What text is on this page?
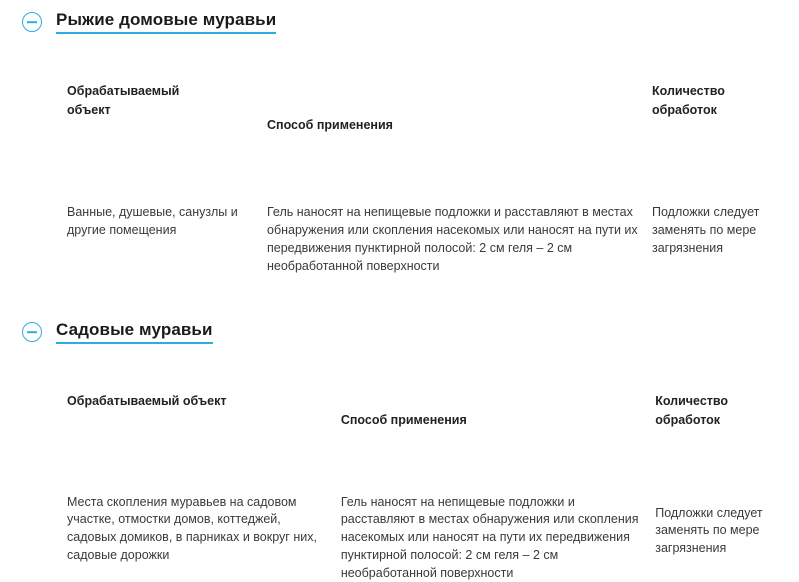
Рыжие домовые муравьи
Обрабатываемый
объект	Способ применения	Количество
обработок
Ванные, душевые, санузлы и другие помещения	Гель наносят на непищевые подложки и расставляют в местах обнаружения или скопления насекомых или наносят на пути их передвижения пунктирной полосой: 2 см геля – 2 см необработанной поверхности	Подложки следует заменять по мере загрязнения
Садовые муравьи
Обрабатываемый объект	Способ применения	Количество
обработок
Места скопления муравьев на садовом участке, отмостки домов, коттеджей, садовых домиков, в парниках и вокруг них, садовые дорожки	Гель наносят на непищевые подложки и расставляют в местах обнаружения или скопления насекомых или наносят на пути их передвижения пунктирной полосой: 2 см геля – 2 см необработанной поверхности	Подложки следует заменять по мере загрязнения
